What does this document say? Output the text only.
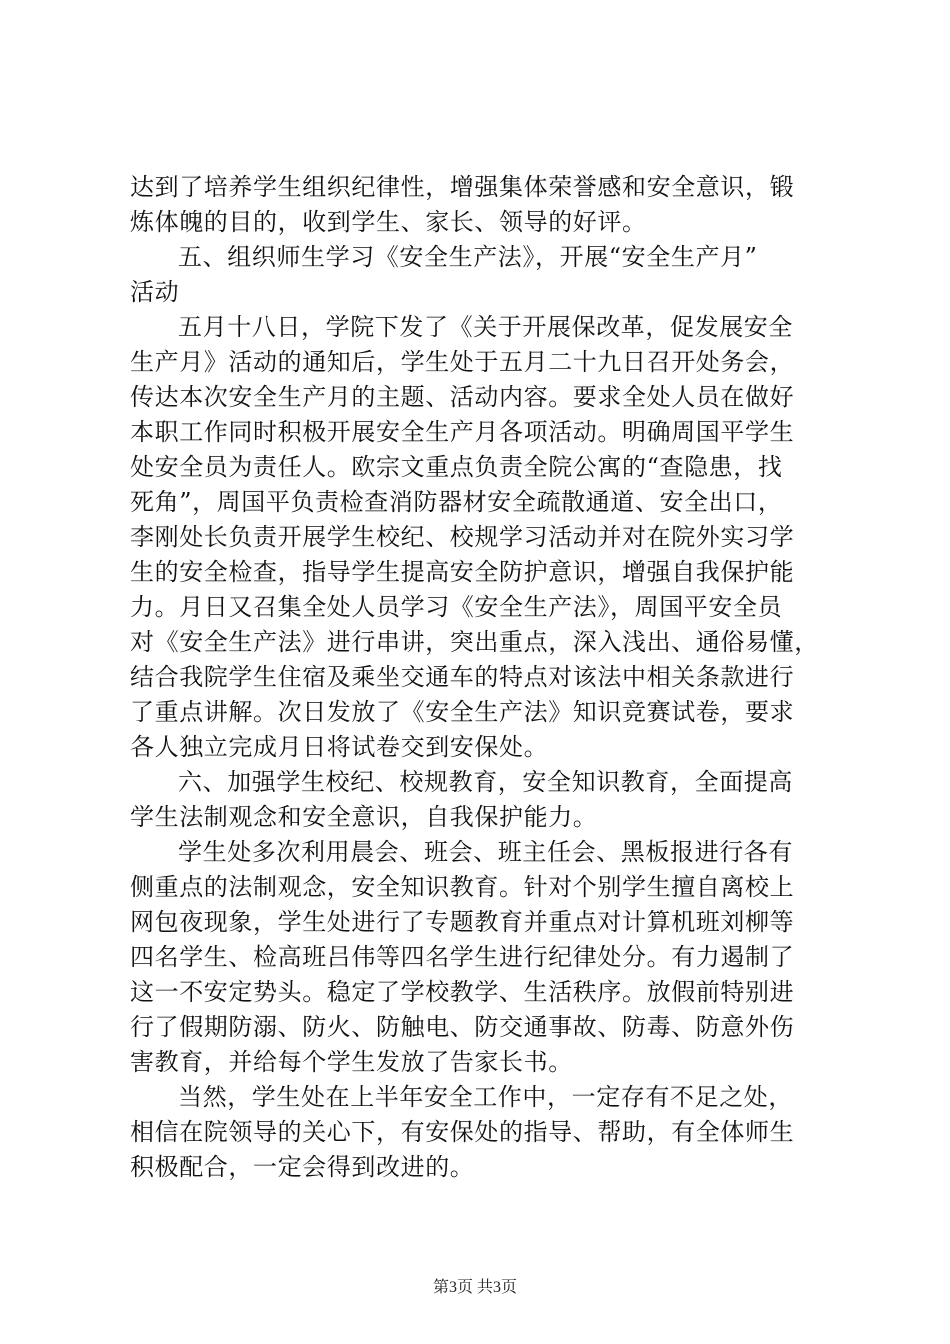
达到了培养学生组织纪律性，增强集体荣誉感和安全意识，锻
炼体魄的目的，收到学生、家长、领导的好评。
五、组织师生学习《安全生产法》，开展“安全生产月”
活动
五月十八日，学院下发了《关于开展保改革，促发展安全
生产月》活动的通知后，学生处于五月二十九日召开处务会，
传达本次安全生产月的主题、活动内容。要求全处人员在做好
本职工作同时积极开展安全生产月各项活动。明确周国平学生
处安全员为责任人。欧宗文重点负责全院公寓的“查隐患，找
死角”，周国平负责检查消防器材安全疏散通道、安全出口，
李刚处长负责开展学生校纪、校规学习活动并对在院外实习学
生的安全检查，指导学生提高安全防护意识，增强自我保护能
力。月日又召集全处人员学习《安全生产法》，周国平安全员
对《安全生产法》进行串讲，突出重点，深入浅出、通俗易懂，
结合我院学生住宿及乘坐交通车的特点对该法中相关条款进行
了重点讲解。次日发放了《安全生产法》知识竞赛试卷，要求
各人独立完成月日将试卷交到安保处。
六、加强学生校纪、校规教育，安全知识教育，全面提高
学生法制观念和安全意识，自我保护能力。
学生处多次利用晨会、班会、班主任会、黑板报进行各有
侧重点的法制观念，安全知识教育。针对个别学生擅自离校上
网包夜现象，学生处进行了专题教育并重点对计算机班刘柳等
四名学生、检高班吕伟等四名学生进行纪律处分。有力遏制了
这一不安定势头。稳定了学校教学、生活秩序。放假前特别进
行了假期防溺、防火、防触电、防交通事故、防毒、防意外伤
害教育，并给每个学生发放了告家长书。
当然，学生处在上半年安全工作中，一定存有不足之处，
相信在院领导的关心下，有安保处的指导、帮助，有全体师生
积极配合，一定会得到改进的。
第3页 共3页
